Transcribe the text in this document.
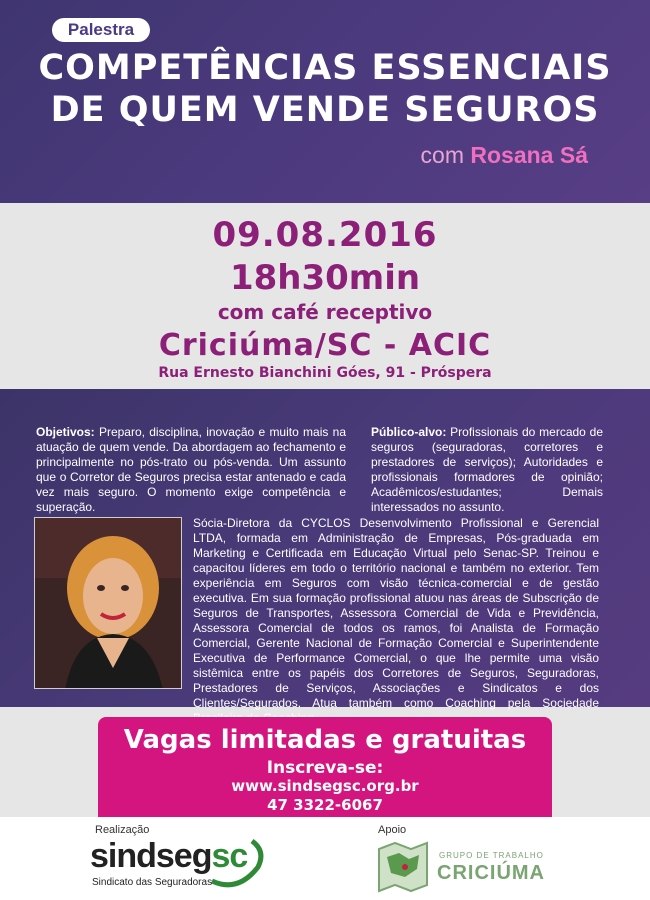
Palestra
COMPETÊNCIAS ESSENCIAIS
DE QUEM VENDE SEGUROS
com Rosana Sá
09.08.2016
18h30min
com café receptivo
Criciúma/SC - ACIC
Rua Ernesto Bianchini Góes, 91 - Próspera
Objetivos: Preparo, disciplina, inovação e muito mais na atuação de quem vende. Da abordagem ao fechamento e principalmente no pós-trato ou pós-venda. Um assunto que o Corretor de Seguros precisa estar antenado e cada vez mais seguro. O momento exige competência e superação.
Público-alvo: Profissionais do mercado de seguros (seguradoras, corretores e prestadores de serviços); Autoridades e profissionais formadores de opinião; Acadêmicos/estudantes; Demais interessados no assunto.
Sócia-Diretora da CYCLOS Desenvolvimento Profissional e Gerencial LTDA, formada em Administração de Empresas, Pós-graduada em Marketing e Certificada em Educação Virtual pelo Senac-SP. Treinou e capacitou líderes em todo o território nacional e também no exterior. Tem experiência em Seguros com visão técnica-comercial e de gestão executiva. Em sua formação profissional atuou nas áreas de Subscrição de Seguros de Transportes, Assessora Comercial de Vida e Previdência, Assessora Comercial de todos os ramos, foi Analista de Formação Comercial, Gerente Nacional de Formação Comercial e Superintendente Executiva de Performance Comercial, o que lhe permite uma visão sistêmica entre os papéis dos Corretores de Seguros, Seguradoras, Prestadores de Serviços, Associações e Sindicatos e dos Clientes/Segurados. Atua também como Coaching pela Sociedade
Vagas limitadas e gratuitas
Inscreva-se:
www.sindsegsc.org.br
47 3322-6067
Realização
sindsegsc
Sindicato das Seguradoras
Apoio
GRUPO DE TRABALHO
CRICIÚMA
